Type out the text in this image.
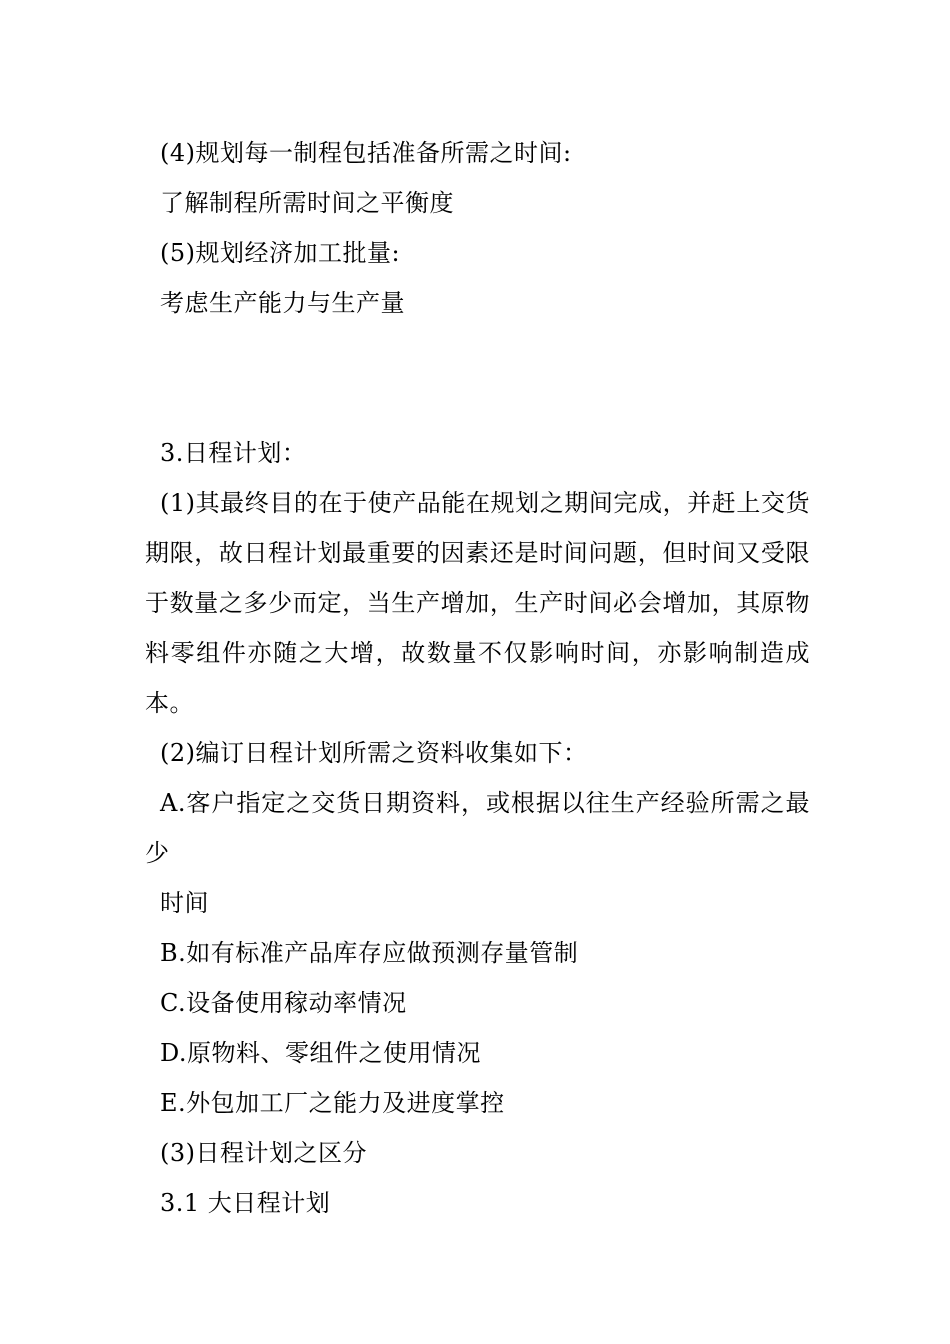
(4)规划每一制程包括准备所需之时间:
了解制程所需时间之平衡度
(5)规划经济加工批量:
考虑生产能力与生产量
3.日程计划：

(1)其最终目的在于使产品能在规划之期间完成，并赶上交货期限，故日程计划最重要的因素还是时间问题，但时间又受限于数量之多少而定，当生产增加，生产时间必会增加，其原物料零组件亦随之大增，故数量不仅影响时间，亦影响制造成本。

(2)编订日程计划所需之资料收集如下：

A.客户指定之交货日期资料，或根据以往生产经验所需之最少

时间
B.如有标准产品库存应做预测存量管制
C.设备使用稼动率情况
D.原物料、零组件之使用情况
E.外包加工厂之能力及进度掌控
(3)日程计划之区分
3.1 大日程计划
